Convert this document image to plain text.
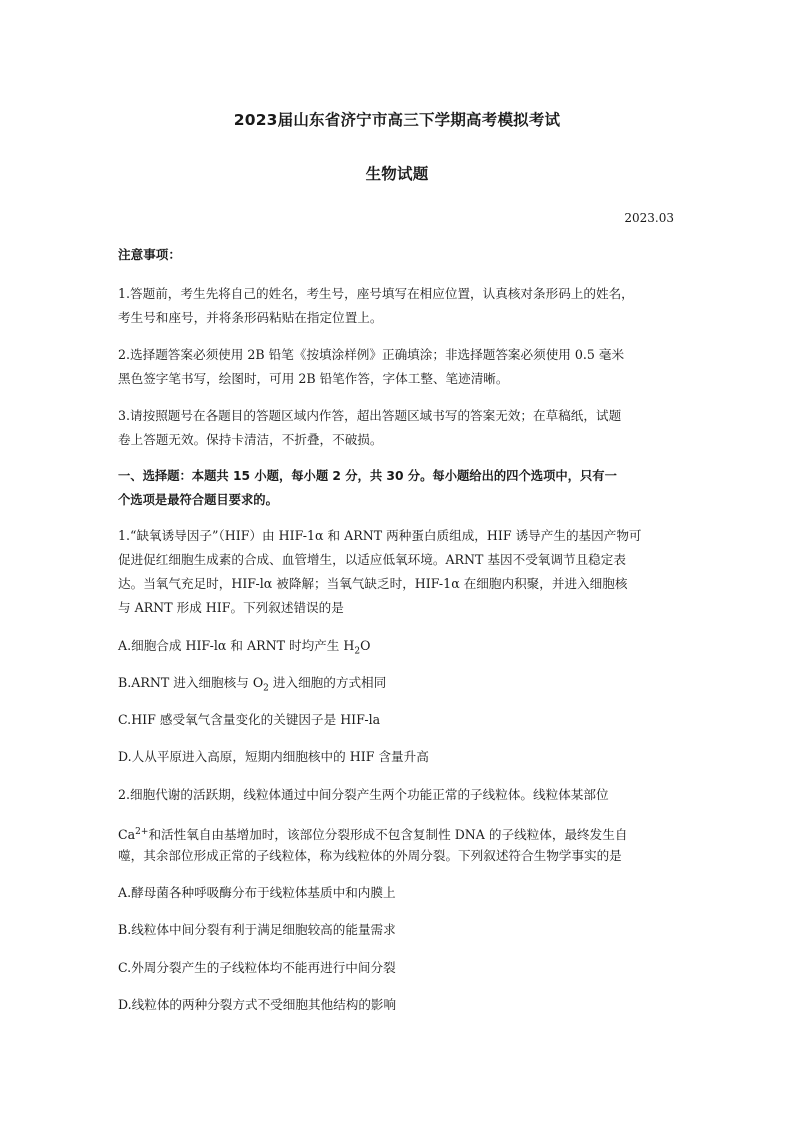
2023届山东省济宁市高三下学期高考模拟考试
生物试题
2023.03
注意事项：
1.答题前，考生先将自己的姓名，考生号，座号填写在相应位置，认真核对条形码上的姓名，
考生号和座号，并将条形码粘贴在指定位置上。
2.选择题答案必须使用 2B 铅笔《按填涂样例》正确填涂；非选择题答案必须使用 0.5 毫米
黑色签字笔书写，绘图时，可用 2B 铅笔作答，字体工整、笔迹清晰。
3.请按照题号在各题目的答题区域内作答，超出答题区域书写的答案无效；在草稿纸，试题
卷上答题无效。保持卡清洁，不折叠，不破损。
一、选择题：本题共 15 小题，每小题 2 分，共 30 分。每小题给出的四个选项中，只有一
个选项是最符合题目要求的。
1.“缺氧诱导因子”（HIF）由 HIF-1α 和 ARNT 两种蛋白质组成，HIF 诱导产生的基因产物可
促进促红细胞生成素的合成、血管增生，以适应低氧环境。ARNT 基因不受氧调节且稳定表
达。当氧气充足时，HIF-lα 被降解；当氧气缺乏时，HIF-1α 在细胞内积聚，并进入细胞核
与 ARNT 形成 HIF。下列叙述错误的是
A.细胞合成 HIF-lα 和 ARNT 时均产生 $H_2O$
B.ARNT 进入细胞核与 $O_2$ 进入细胞的方式相同
C.HIF 感受氧气含量变化的关键因子是 HIF-la
D.人从平原进入高原，短期内细胞核中的 HIF 含量升高
2.细胞代谢的活跃期，线粒体通过中间分裂产生两个功能正常的子线粒体。线粒体某部位
$Ca^{2+}$和活性氧自由基增加时，该部位分裂形成不包含复制性 DNA 的子线粒体，最终发生自
噬，其余部位形成正常的子线粒体，称为线粒体的外周分裂。下列叙述符合生物学事实的是
A.酵母菌各种呼吸酶分布于线粒体基质中和内膜上
B.线粒体中间分裂有利于满足细胞较高的能量需求
C.外周分裂产生的子线粒体均不能再进行中间分裂
D.线粒体的两种分裂方式不受细胞其他结构的影响
